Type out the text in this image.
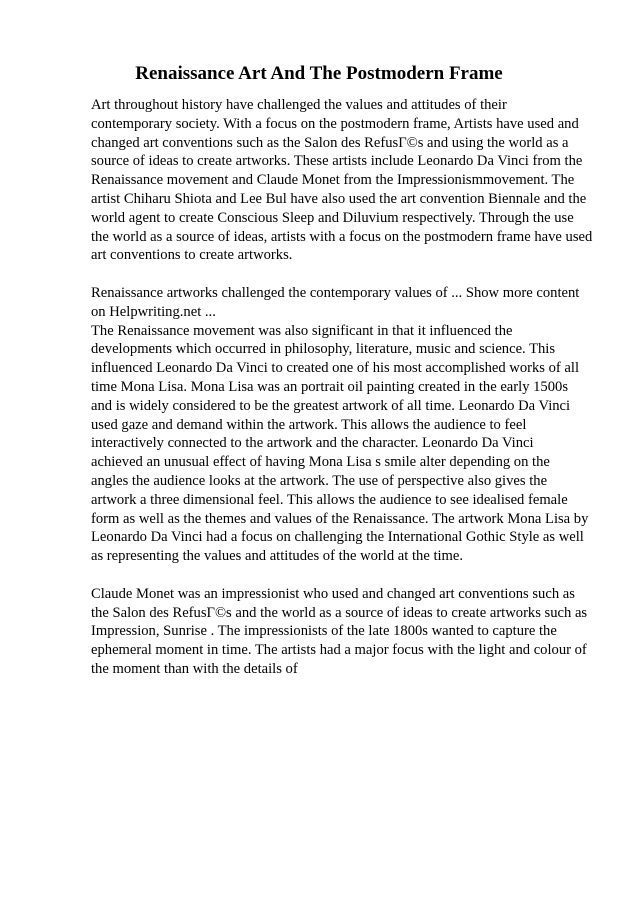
Renaissance Art And The Postmodern Frame

Art throughout history have challenged the values and attitudes of their
contemporary society. With a focus on the postmodern frame, Artists have used and
changed art conventions such as the Salon des RefusГ©s and using the world as a
source of ideas to create artworks. These artists include Leonardo Da Vinci from the
Renaissance movement and Claude Monet from the Impressionismmovement. The
artist Chiharu Shiota and Lee Bul have also used the art convention Biennale and the
world agent to create Conscious Sleep and Diluvium respectively. Through the use
the world as a source of ideas, artists with a focus on the postmodern frame have used
art conventions to create artworks.

Renaissance artworks challenged the contemporary values of ... Show more content
on Helpwriting.net ...

The Renaissance movement was also significant in that it influenced the
developments which occurred in philosophy, literature, music and science. This
influenced Leonardo Da Vinci to created one of his most accomplished works of all
time Mona Lisa. Mona Lisa was an portrait oil painting created in the early 1500s
and is widely considered to be the greatest artwork of all time. Leonardo Da Vinci
used gaze and demand within the artwork. This allows the audience to feel
interactively connected to the artwork and the character. Leonardo Da Vinci
achieved an unusual effect of having Mona Lisa s smile alter depending on the
angles the audience looks at the artwork. The use of perspective also gives the
artwork a three dimensional feel. This allows the audience to see idealised female
form as well as the themes and values of the Renaissance. The artwork Mona Lisa by
Leonardo Da Vinci had a focus on challenging the International Gothic Style as well
as representing the values and attitudes of the world at the time.

Claude Monet was an impressionist who used and changed art conventions such as
the Salon des RefusГ©s and the world as a source of ideas to create artworks such as
Impression, Sunrise . The impressionists of the late 1800s wanted to capture the
ephemeral moment in time. The artists had a major focus with the light and colour of
the moment than with the details of
